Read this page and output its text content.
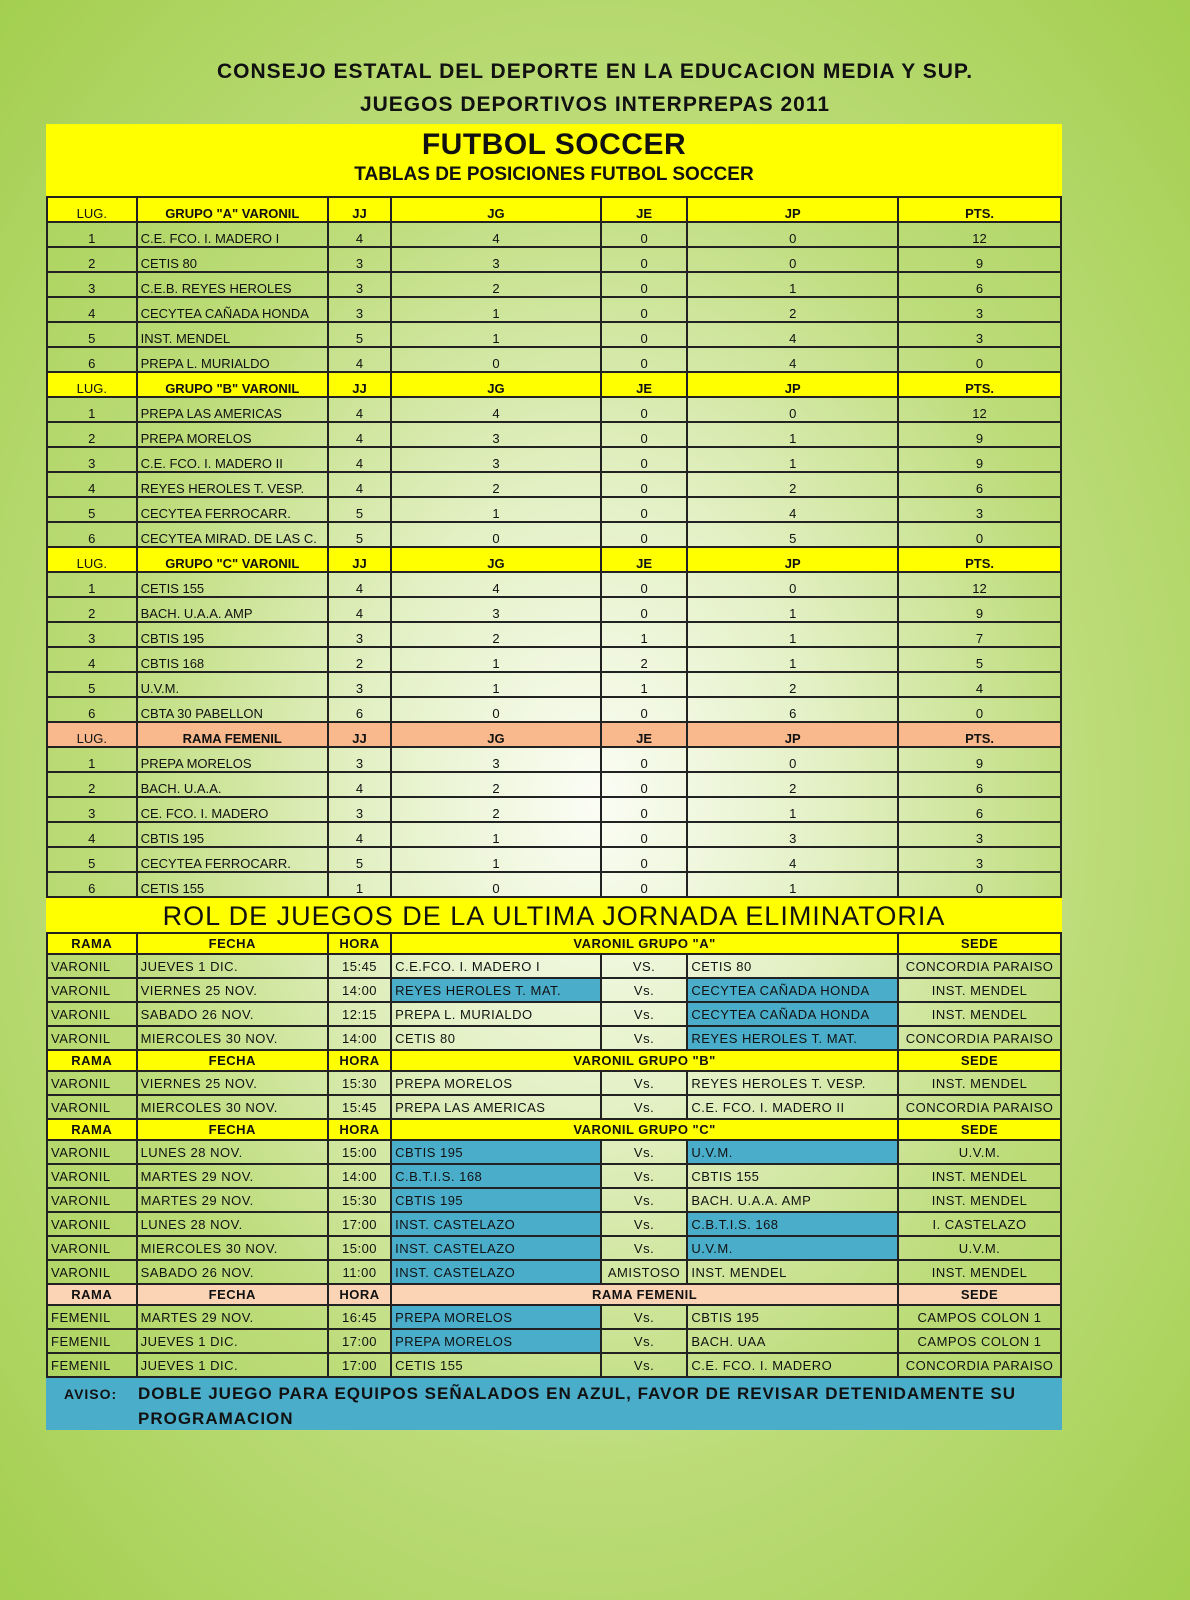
CONSEJO ESTATAL DEL DEPORTE EN LA EDUCACION MEDIA Y SUP.
JUEGOS DEPORTIVOS INTERPREPAS 2011
FUTBOL SOCCER
TABLAS DE POSICIONES FUTBOL SOCCER
LUG.	GRUPO "A" VARONIL	JJ	JG	JE	JP	PTS.
1	C.E. FCO. I. MADERO I	4	4	0	0	12
2	CETIS 80	3	3	0	0	9
3	C.E.B. REYES HEROLES	3	2	0	1	6
4	CECYTEA CAÑADA HONDA	3	1	0	2	3
5	INST. MENDEL	5	1	0	4	3
6	PREPA L. MURIALDO	4	0	0	4	0
LUG.	GRUPO "B" VARONIL	JJ	JG	JE	JP	PTS.
1	PREPA LAS AMERICAS	4	4	0	0	12
2	PREPA MORELOS	4	3	0	1	9
3	C.E. FCO. I. MADERO II	4	3	0	1	9
4	REYES HEROLES T. VESP.	4	2	0	2	6
5	CECYTEA FERROCARR.	5	1	0	4	3
6	CECYTEA MIRAD. DE LAS C.	5	0	0	5	0
LUG.	GRUPO "C" VARONIL	JJ	JG	JE	JP	PTS.
1	CETIS 155	4	4	0	0	12
2	BACH. U.A.A. AMP	4	3	0	1	9
3	CBTIS 195	3	2	1	1	7
4	CBTIS 168	2	1	2	1	5
5	U.V.M.	3	1	1	2	4
6	CBTA 30 PABELLON	6	0	0	6	0
LUG.	RAMA FEMENIL	JJ	JG	JE	JP	PTS.
1	PREPA MORELOS	3	3	0	0	9
2	BACH. U.A.A.	4	2	0	2	6
3	CE. FCO. I. MADERO	3	2	0	1	6
4	CBTIS 195	4	1	0	3	3
5	CECYTEA FERROCARR.	5	1	0	4	3
6	CETIS 155	1	0	0	1	0
ROL DE JUEGOS DE LA ULTIMA JORNADA ELIMINATORIA
RAMA	FECHA	HORA	VARONIL GRUPO "A"			SEDE
VARONIL	JUEVES 1 DIC.	15:45	C.E.FCO. I. MADERO I	VS.	CETIS 80	CONCORDIA PARAISO
VARONIL	VIERNES 25 NOV.	14:00	REYES HEROLES T. MAT.	Vs.	CECYTEA CAÑADA HONDA	INST. MENDEL
VARONIL	SABADO 26 NOV.	12:15	PREPA L. MURIALDO	Vs.	CECYTEA CAÑADA HONDA	INST. MENDEL
VARONIL	MIERCOLES 30 NOV.	14:00	CETIS 80	Vs.	REYES HEROLES T. MAT.	CONCORDIA PARAISO
RAMA	FECHA	HORA	VARONIL GRUPO "B"			SEDE
VARONIL	VIERNES 25 NOV.	15:30	PREPA MORELOS	Vs.	REYES HEROLES T. VESP.	INST. MENDEL
VARONIL	MIERCOLES 30 NOV.	15:45	PREPA LAS AMERICAS	Vs.	C.E. FCO. I. MADERO II	CONCORDIA PARAISO
RAMA	FECHA	HORA	VARONIL GRUPO "C"			SEDE
VARONIL	LUNES 28 NOV.	15:00	CBTIS 195	Vs.	U.V.M.	U.V.M.
VARONIL	MARTES 29 NOV.	14:00	C.B.T.I.S. 168	Vs.	CBTIS 155	INST. MENDEL
VARONIL	MARTES 29 NOV.	15:30	CBTIS 195	Vs.	BACH. U.A.A. AMP	INST. MENDEL
VARONIL	LUNES 28 NOV.	17:00	INST. CASTELAZO	Vs.	C.B.T.I.S. 168	I. CASTELAZO
VARONIL	MIERCOLES 30 NOV.	15:00	INST. CASTELAZO	Vs.	U.V.M.	U.V.M.
VARONIL	SABADO 26 NOV.	11:00	INST. CASTELAZO	AMISTOSO	INST. MENDEL	INST. MENDEL
RAMA	FECHA	HORA	RAMA FEMENIL			SEDE
FEMENIL	MARTES 29 NOV.	16:45	PREPA MORELOS	Vs.	CBTIS 195	CAMPOS COLON 1
FEMENIL	JUEVES 1 DIC.	17:00	PREPA MORELOS	Vs.	BACH. UAA	CAMPOS COLON 1
FEMENIL	JUEVES 1 DIC.	17:00	CETIS 155	Vs.	C.E. FCO. I. MADERO	CONCORDIA PARAISO
AVISO: DOBLE JUEGO PARA EQUIPOS SEÑALADOS EN AZUL, FAVOR DE REVISAR DETENIDAMENTE SU PROGRAMACION
